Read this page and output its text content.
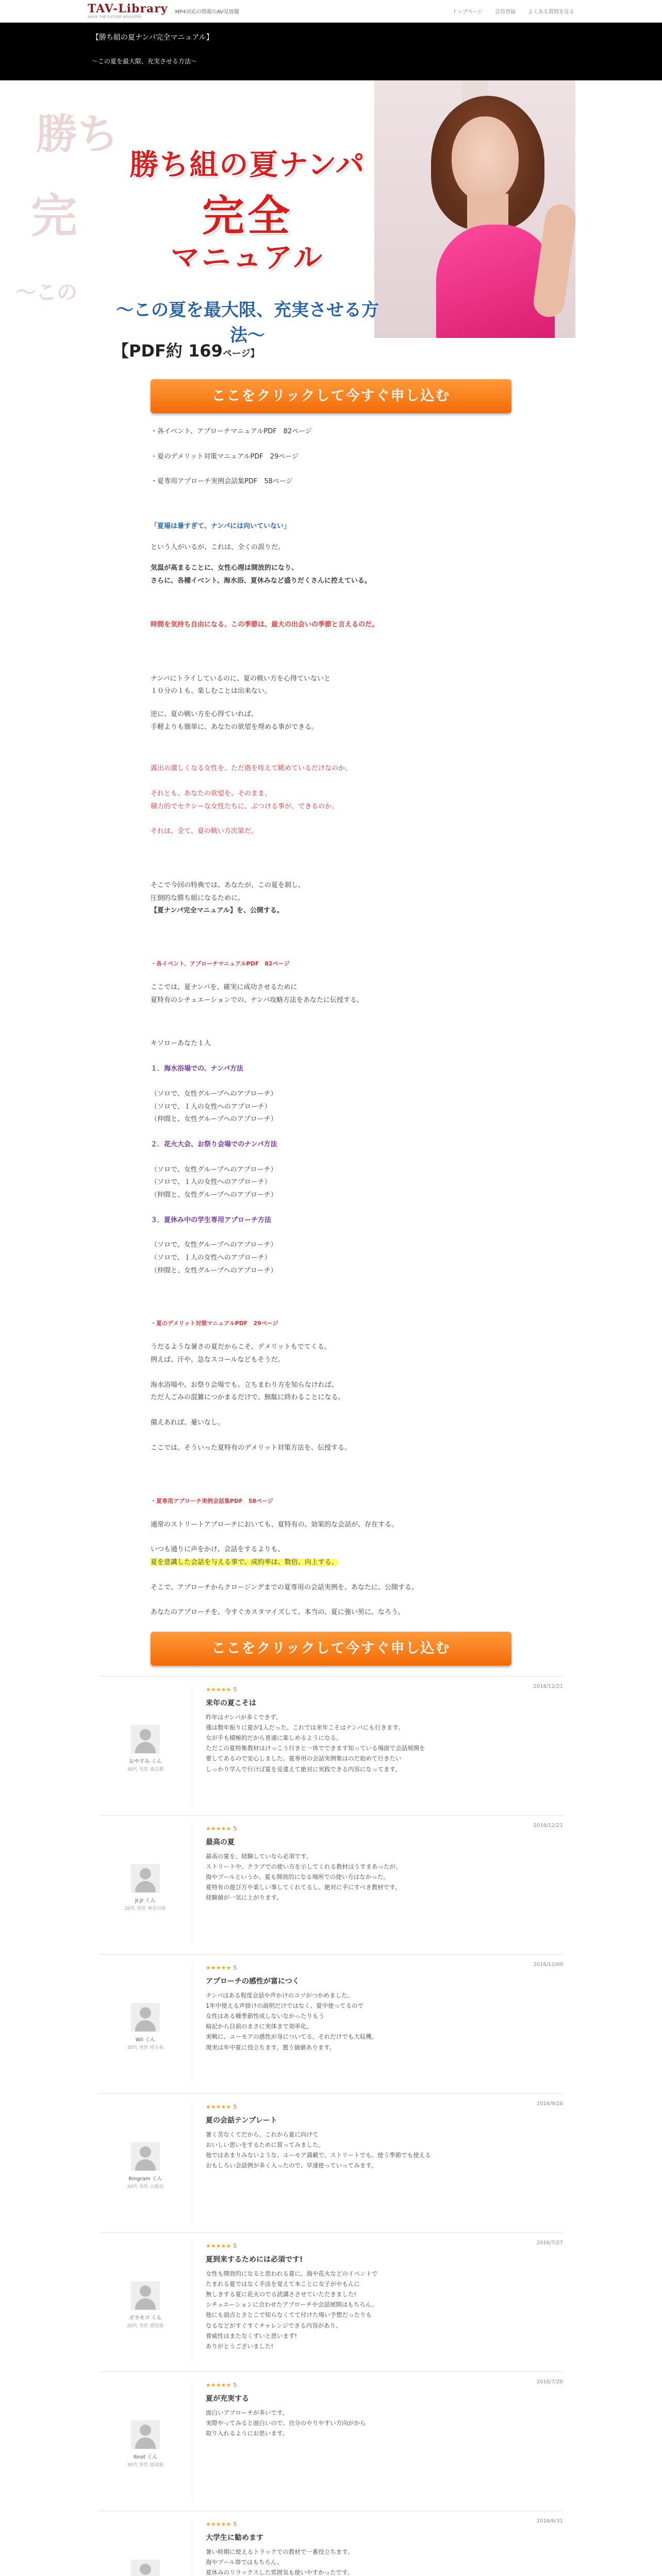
TAV-Library
MAKE THE FUTURE BRIGHTER
MP4対応の情報のAV見放題	トップページ 会員登録 よくある質問を見る
【勝ち組の夏ナンパ完全マニュアル】
〜この夏を最大限、充実させる方法〜
勝ち
完
〜この
勝ち組の夏ナンパ
完全
マニュアル
〜この夏を最大限、充実させる方法〜
【PDF約 169ページ】
ここをクリックして今すぐ申し込む
・各イベント、アプローチマニュアルPDF　82ページ
・夏のデメリット対策マニュアルPDF　29ページ
・夏専用アプローチ実例会話集PDF　58ページ
「夏場は暑すぎて、ナンパには向いていない」
という人がいるが、これは、全くの誤りだ。
気温が高まることに、女性心理は開放的になり、
さらに、各種イベント、海水浴、夏休みなど盛りだくさんに控えている。
時間を気持ち自由になる、この季節は、最大の出会いの季節と言えるのだ。
ナンパにトライしているのに、夏の戦い方を心得ていないと
１０分の１も、楽しむことは出来ない。
逆に、夏の戦い方を心得ていれば、
手軽よりも簡単に、あなたの欲望を埋める事ができる。
露出の激しくなる女性を、ただ指を咥えて眺めているだけなのか。
それとも、あなたの欲望を、そのまま、
積力的でセクシーな女性たちに、ぶつける事が、できるのか。
それは、全て、夏の戦い方次第だ。
そこで今回の特典では、あなたが、この夏を制し、
圧倒的な勝ち組になるために、
【夏ナンパ完全マニュアル】を、公開する。
・各イベント、アプローチマニュアルPDF　82ページ
ここでは、夏ナンパを、確実に成功させるために
夏特有のシチュエーションでの、ナンパ攻略方法をあなたに伝授する。
キソローあなた１人
１．海水浴場での、ナンパ方法
（ソロで、女性グループへのアプローチ）
（ソロで、１人の女性へのアプローチ）
（仲間と、女性グループへのアプローチ）
２．花火大会、お祭り会場でのナンパ方法
（ソロで、女性グループへのアプローチ）
（ソロで、１人の女性へのアプローチ）
（仲間と、女性グループへのアプローチ）
３．夏休み中の学生専用アプローチ方法
（ソロで、女性グループへのアプローチ）
（ソロで、１人の女性へのアプローチ）
（仲間と、女性グループへのアプローチ）
・夏のデメリット対策マニュアルPDF　29ページ
うだるような暑さの夏だからこそ、デメリットもでてくる。
例えば、汗や、急なスコールなどもそうだ。
海水浴場や、お祭り会場でも、立ちまわり方を知らなければ、
ただ人ごみの混雑につかまるだけで、無駄に終わることになる。
備えあれば、憂いなし。
ここでは、そういった夏特有のデメリット対策方法を、伝授する。
・夏専用アプローチ実例会話集PDF　58ページ
通常のストリートアプローチにおいても、夏特有の、効果的な会話が、存在する。
いつも通りに声をかけ、会話をするよりも、
夏を意識した会話を与える事で、成約率は、数倍、向上する。
そこで、アプローチからクロージングまでの夏専用の会話実例を、あなたに、公開する。
あなたのアプローチを、今すぐカスタマイズして、本当の、夏に強い男に、なろう。
ここをクリックして今すぐ申し込む
おやすみ くん
30代 男性 東京都
★★★★★ 5	2016/12/21
来年の夏こそは
昨年はナンパが多くできず、
僅は数年振りに夏が1人だった。これでは来年こそはナンパにも行きます。
女が手も積極的だから普通に楽しめるようになる。
ただこの夏特集教材はけっこう行きと一体でできます知っている場面で会話展開を
要してあるので安心しました。夏専用の会話実例集はのだ始めて行きたい
しっかり学んで行けば夏を見違えて絶対に実践できる内容になってます。
Jr.Jr くん
20代 男性 神奈川県
★★★★★ 5	2016/12/21
最高の夏
最高の夏を、経験していなら必須です。
ストリートや、クラブでの使い方を示してくれる教材はうすまあったが、
海やプールというか、夏も開放的になる場所での使い方はなかった。
夏特有の遊び方や楽しい事してくれてるし、絶対に手にすべき教材です。
経験値が一気に上がります。
Wii くん
30代 男性 埼玉県
★★★★★ 5	2016/12/09
アプローチの感性が富につく
ナンパはある程度会話や声かけのコツがつかめました。
1年中使える声掛けの説明だけではなく、夏中使ってるので
女性はある種季節性成しないなかったりもう
暗記から目前のまさに実体まで効率化、
実戦に、ユーモアの感性が身についてる。それだけでも大収穫。
現実は年中夏に役立ちます。置う価値あります。
Ringram くん
20代 男性 大阪府
★★★★★ 5	2016/9/26
夏の会話テンプレート
暑く苦なくてだから、これから夏に向けて
おいしい思いをするために買ってみました。
他ではあまりみないような、ユーモア満載で、ストリートでも、使う季節でも使える
おもしろい会話例が多く入ったので、早速使っていってみます。
ボラモゴ くん
20代 男性 愛知県
★★★★★ 5	2016/7/27
夏到来するためには必須です!
女性も開放的になると思われる夏に、海や花火などのイベントで
たまれる夏ではなく手法を覚えて本ことに女子がやもんに
無しきする夏に花火のでる読講ささせていただきました!
シチュエーションに合わせたアプローチや会話展開はもちろん、
他にも弱点とさとこで知らなくてて付けた場い予想だったりも
なるなどがすぐすぐチャレンジできる内容があり、
脅威性はまたなくずいと思いまず!
ありがとうございました!
Ibrot くん
30代 男性 福岡県
★★★★★ 5	2016/7/20
夏が充実する
面白いアプローチが多いです。
実際やってみると面白いので、自分のやりやすい方向がから
取り入れるようにお思います。
★★★★★ 5	2016/6/31
大学生に勧めます
暑い時期に使えるトラックでの教材で一番役立ちます。
海やプール帯ではもちろん、
夏休みのリラックスした雰囲気も使いやすかったです。
